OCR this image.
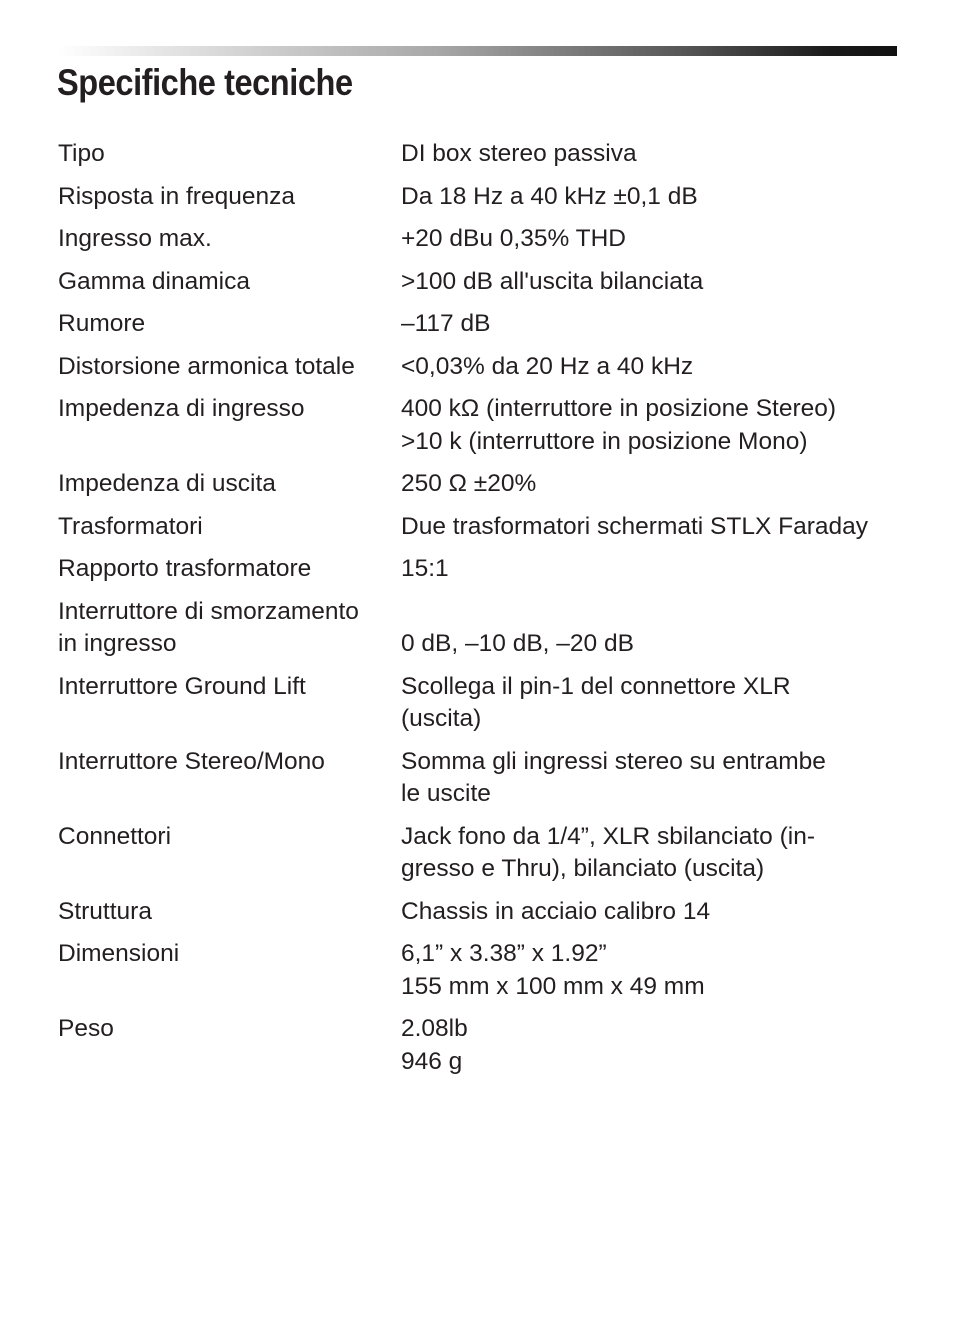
Specifiche tecniche
Tipo	DI box stereo passiva
Risposta in frequenza	Da 18 Hz a 40 kHz ±0,1 dB
Ingresso max.	+20 dBu 0,35% THD
Gamma dinamica	>100 dB all'uscita bilanciata
Rumore	–117 dB
Distorsione armonica totale	<0,03% da 20 Hz a 40 kHz
Impedenza di ingresso	400 kΩ (interruttore in posizione Stereo)
>10 k (interruttore in posizione Mono)
Impedenza di uscita	250 Ω ±20%
Trasformatori	Due trasformatori schermati STLX Faraday
Rapporto trasformatore	15:1
Interruttore di smorzamento
in ingresso	0 dB, –10 dB, –20 dB
Interruttore Ground Lift	Scollega il pin-1 del connettore XLR
(uscita)
Interruttore Stereo/Mono	Somma gli ingressi stereo su entrambe
le uscite
Connettori	Jack fono da 1/4”, XLR sbilanciato (in-
gresso e Thru), bilanciato (uscita)
Struttura	Chassis in acciaio calibro 14
Dimensioni	6,1” x 3.38” x 1.92”
155 mm x 100 mm x 49 mm
Peso	2.08lb
946 g
